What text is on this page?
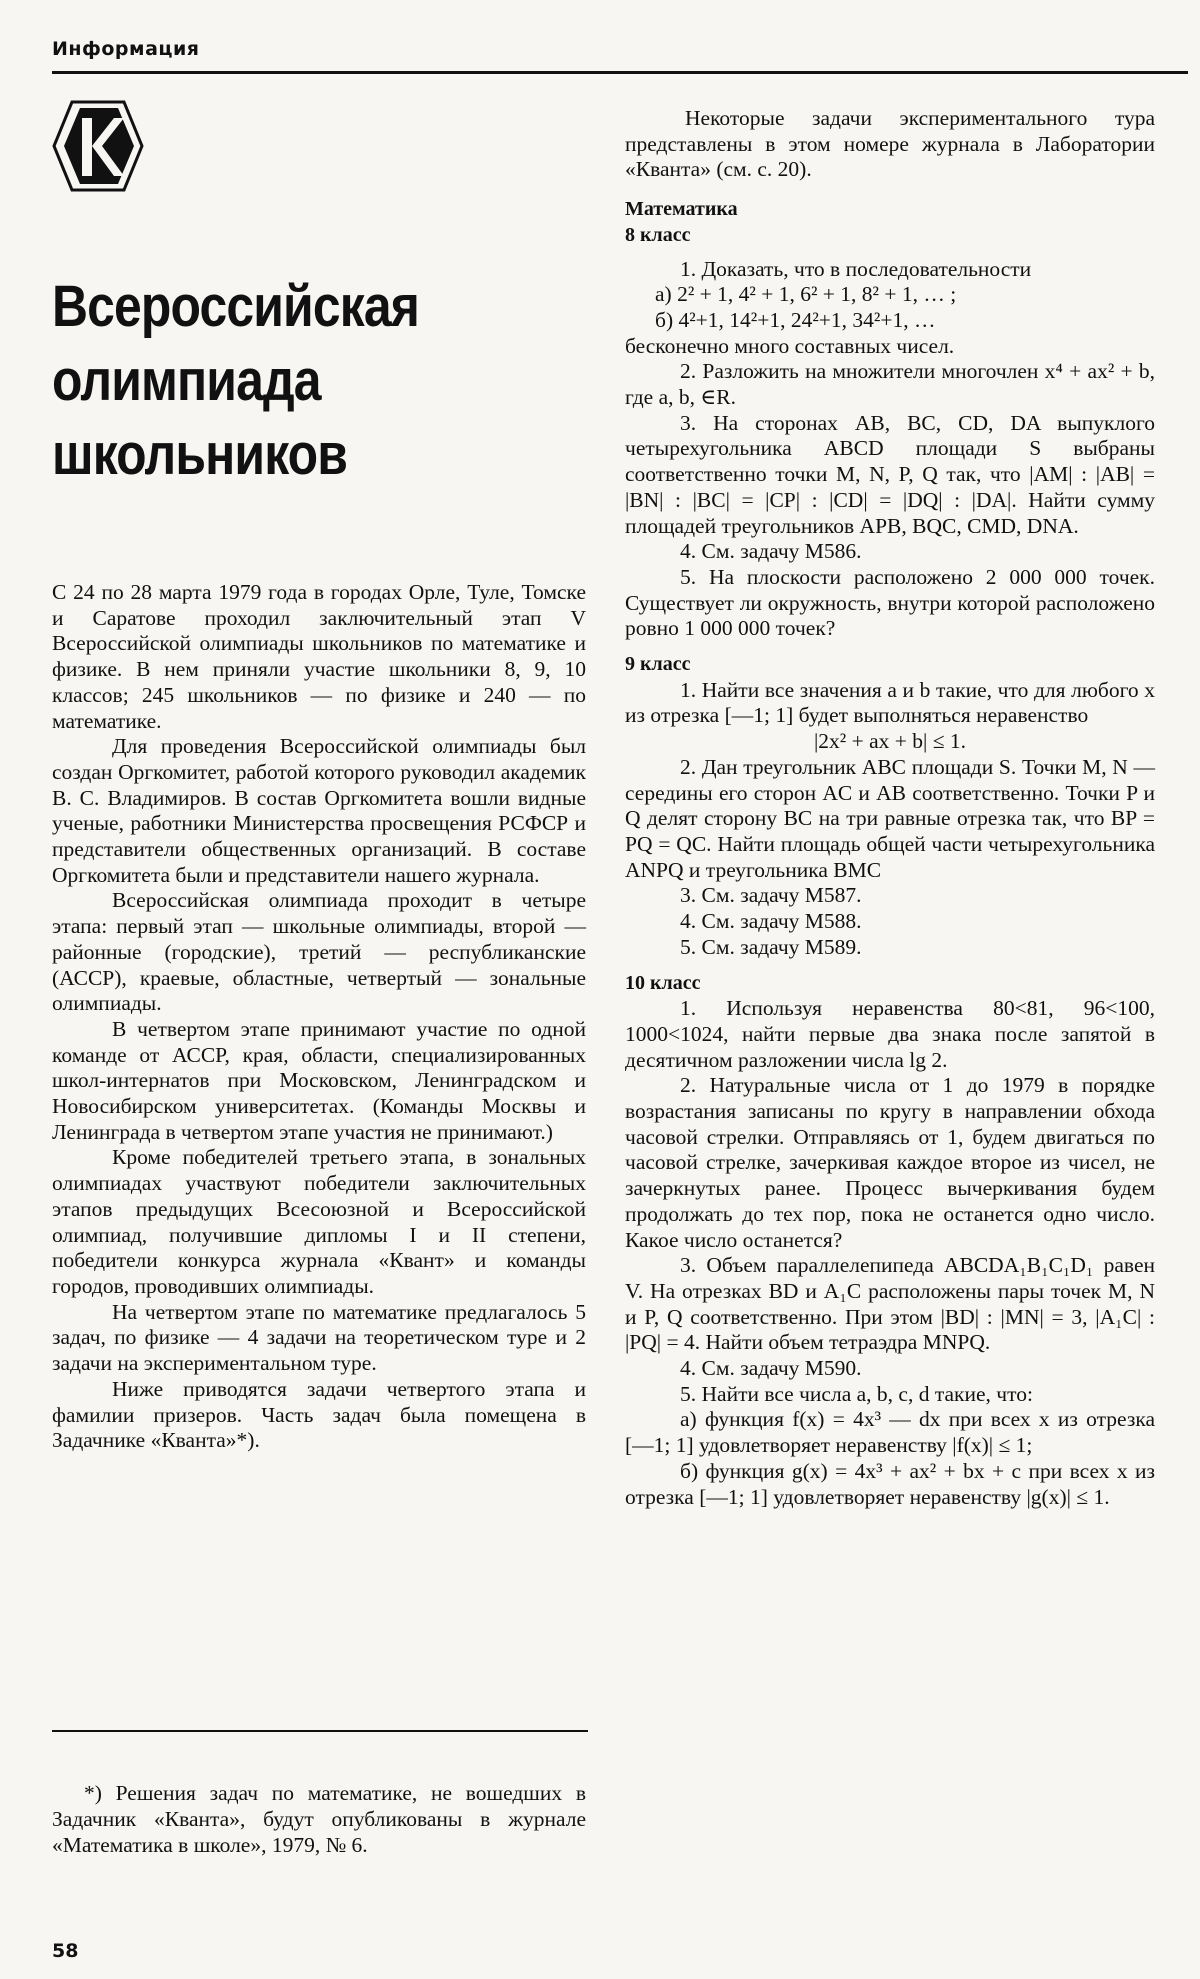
Информация
Всероссийская
олимпиада
школьников

С 24 по 28 марта 1979 года в городах Орле, Туле, Томске и Саратове проходил заключительный этап V Всероссийской олимпиады школьников по математике и физике. В нем приняли участие школьники 8, 9, 10 классов; 245 школьников — по физике и 240 — по математике.

Для проведения Всероссийской олимпиады был создан Оргкомитет, работой которого руководил академик В. С. Владимиров. В состав Оргкомитета вошли видные ученые, работники Министерства просвещения РСФСР и представители общественных организаций. В составе Оргкомитета были и представители нашего журнала.

Всероссийская олимпиада проходит в четыре этапа: первый этап — школьные олимпиады, второй — районные (городские), третий — республиканские (АССР), краевые, областные, четвертый — зональные олимпиады.

В четвертом этапе принимают участие по одной команде от АССР, края, области, специализированных школ-интернатов при Московском, Ленинградском и Новосибирском университетах. (Команды Москвы и Ленинграда в четвертом этапе участия не принимают.)

Кроме победителей третьего этапа, в зональных олимпиадах участвуют победители заключительных этапов предыдущих Всесоюзной и Всероссийской олимпиад, получившие дипломы I и II степени, победители конкурса журнала «Квант» и команды городов, проводивших олимпиады.

На четвертом этапе по математике предлагалось 5 задач, по физике — 4 задачи на теоретическом туре и 2 задачи на экспериментальном туре.

Ниже приводятся задачи четвертого этапа и фамилии призеров. Часть задач была помещена в Задачнике «Кванта»*).

*) Решения задач по математике, не вошедших в Задачник «Кванта», будут опубликованы в журнале «Математика в школе», 1979, № 6.

Некоторые задачи экспериментального тура представлены в этом номере журнала в Лаборатории «Кванта» (см. с. 20).

Математика

8 класс

1. Доказать, что в последовательности

а) 2² + 1, 4² + 1, 6² + 1, 8² + 1, … ;

б) 4²+1, 14²+1, 24²+1, 34²+1, …

бесконечно много составных чисел.

2. Разложить на множители многочлен x⁴ + ax² + b, где a, b, ∈R.

3. На сторонах AB, BC, CD, DA выпуклого четырехугольника ABCD площади S выбраны соответственно точки M, N, P, Q так, что |AM| : |AB| = |BN| : |BC| = |CP| : |CD| = |DQ| : |DA|. Найти сумму площадей треугольников APB, BQC, CMD, DNA.

4. См. задачу М586.

5. На плоскости расположено 2 000 000 точек. Существует ли окружность, внутри которой расположено ровно 1 000 000 точек?

9 класс

1. Найти все значения a и b такие, что для любого x из отрезка [—1; 1] будет выполняться неравенство

|2x² + ax + b| ≤ 1.

2. Дан треугольник ABC площади S. Точки M, N — середины его сторон AC и AB соответственно. Точки P и Q делят сторону BC на три равные отрезка так, что BP = PQ = QC. Найти площадь общей части четырехугольника ANPQ и треугольника BMC

3. См. задачу М587.

4. См. задачу М588.

5. См. задачу М589.

10 класс

1. Используя неравенства 80<81, 96<100, 1000<1024, найти первые два знака после запятой в десятичном разложении числа lg 2.

2. Натуральные числа от 1 до 1979 в порядке возрастания записаны по кругу в направлении обхода часовой стрелки. Отправляясь от 1, будем двигаться по часовой стрелке, зачеркивая каждое второе из чисел, не зачеркнутых ранее. Процесс вычеркивания будем продолжать до тех пор, пока не останется одно число. Какое число останется?

3. Объем параллелепипеда ABCDA₁B₁C₁D₁ равен V. На отрезках BD и A₁C расположены пары точек M, N и P, Q соответственно. При этом |BD| : |MN| = 3, |A₁C| : |PQ| = 4. Найти объем тетраэдра MNPQ.

4. См. задачу М590.

5. Найти все числа a, b, c, d такие, что:

а) функция f(x) = 4x³ — dx при всех x из отрезка [—1; 1] удовлетворяет неравенству |f(x)| ≤ 1;

б) функция g(x) = 4x³ + ax² + bx + c при всех x из отрезка [—1; 1] удовлетворяет неравенству |g(x)| ≤ 1.

58
